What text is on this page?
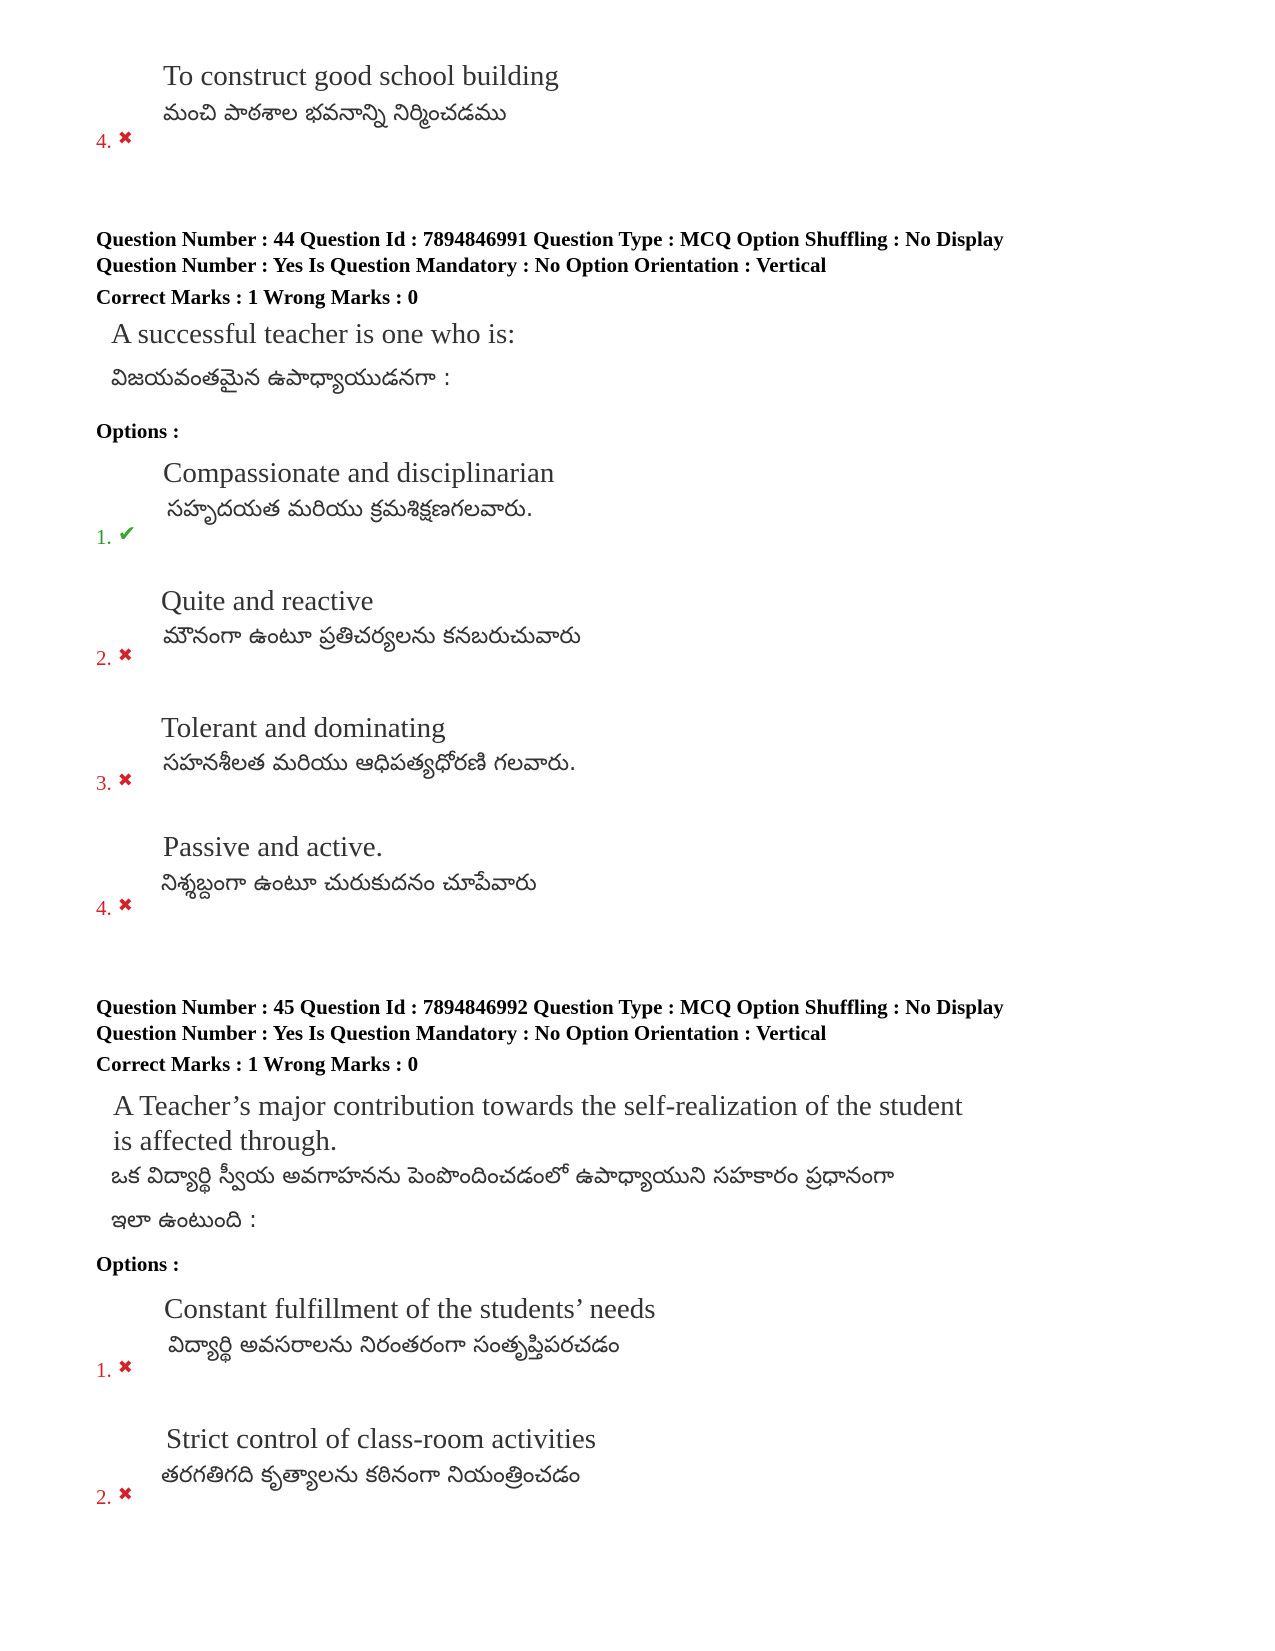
To construct good school building
మంచి పాఠశాల భవనాన్ని నిర్మించడము
4. ✖
Question Number : 44 Question Id : 7894846991 Question Type : MCQ Option Shuffling : No Display
Question Number : Yes Is Question Mandatory : No Option Orientation : Vertical
Correct Marks : 1 Wrong Marks : 0
A successful teacher is one who is:
విజయవంతమైన ఉపాధ్యాయుడనగా :
Options :
Compassionate and disciplinarian
సహృదయత మరియు క్రమశిక్షణగలవారు.
1. ✔
Quite and reactive
మౌనంగా ఉంటూ ప్రతిచర్యలను కనబరుచువారు
2. ✖
Tolerant and dominating
సహనశీలత మరియు ఆధిపత్యధోరణి గలవారు.
3. ✖
Passive and active.
నిశ్శబ్దంగా ఉంటూ చురుకుదనం చూపేవారు
4. ✖
Question Number : 45 Question Id : 7894846992 Question Type : MCQ Option Shuffling : No Display
Question Number : Yes Is Question Mandatory : No Option Orientation : Vertical
Correct Marks : 1 Wrong Marks : 0
A Teacher’s major contribution towards the self-realization of the student
is affected through.
ఒక విద్యార్థి స్వీయ అవగాహనను పెంపొందించడంలో ఉపాధ్యాయుని సహకారం ప్రధానంగా
ఇలా ఉంటుంది :
Options :
Constant fulfillment of the students’ needs
విద్యార్థి అవసరాలను నిరంతరంగా సంతృప్తిపరచడం
1. ✖
Strict control of class-room activities
తరగతిగది కృత్యాలను కఠినంగా నియంత్రించడం
2. ✖
